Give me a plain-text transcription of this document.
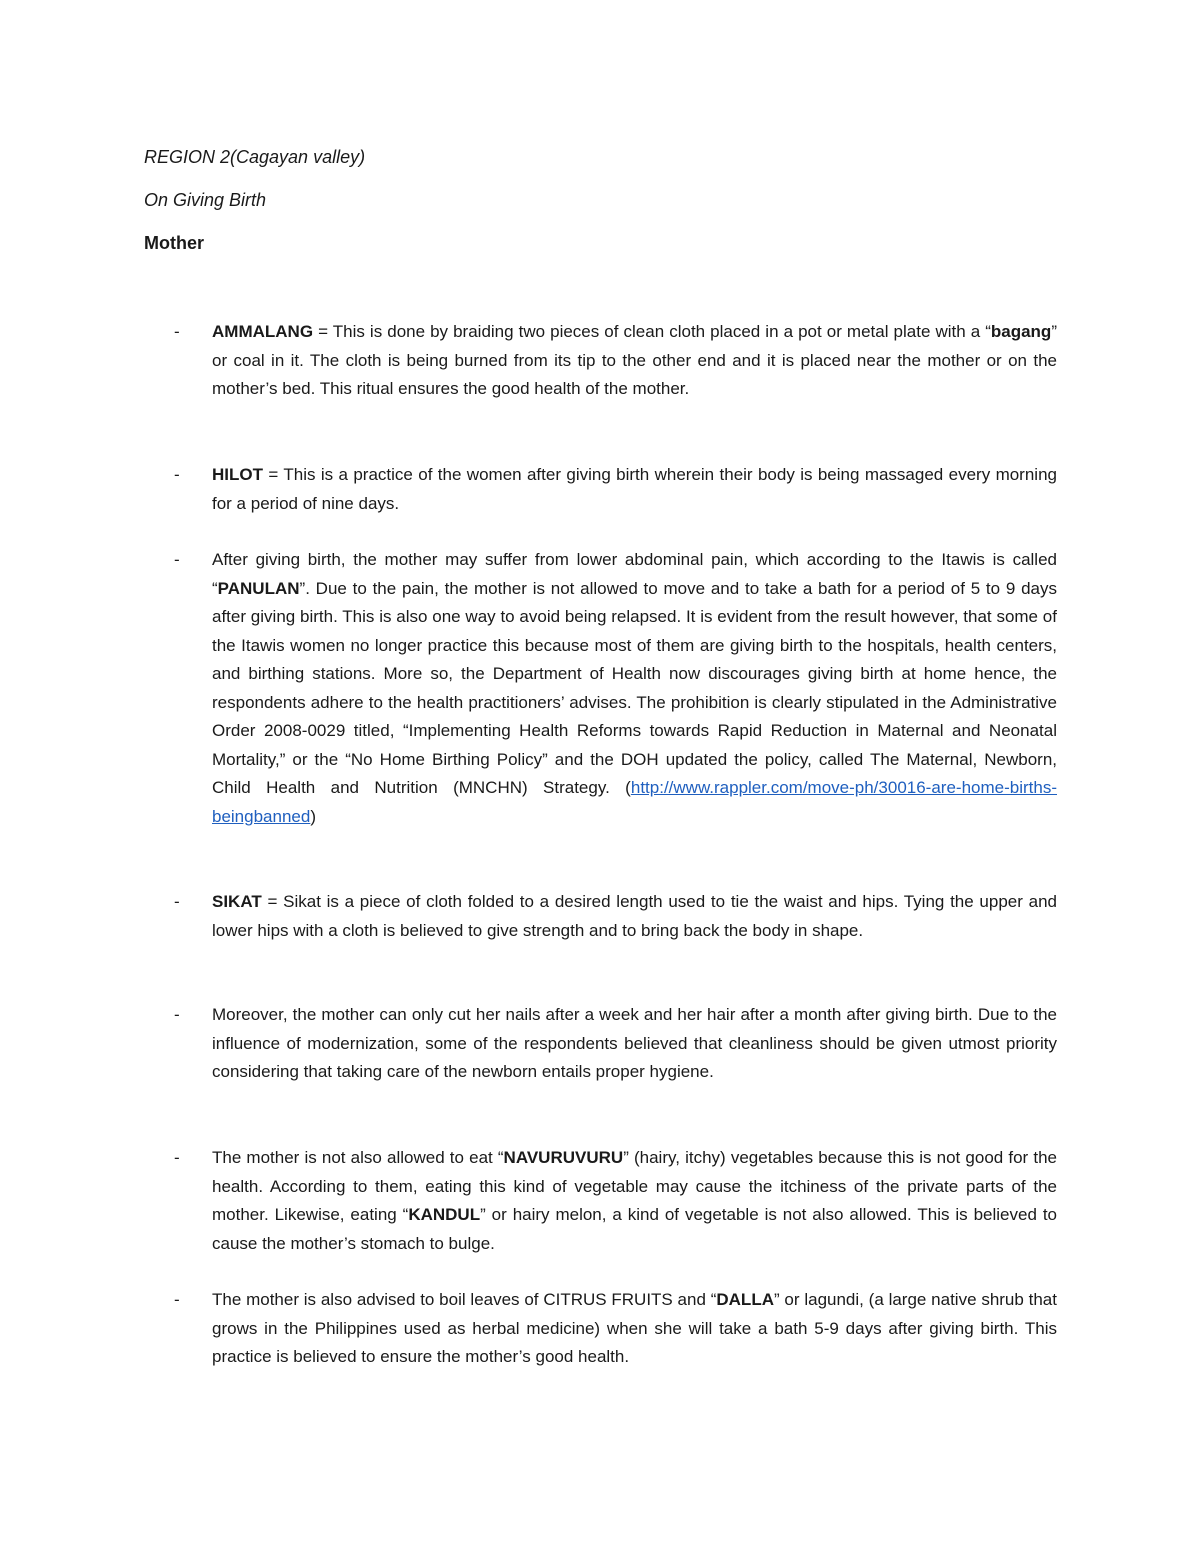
REGION 2(Cagayan valley)
On Giving Birth
Mother
- AMMALANG = This is done by braiding two pieces of clean cloth placed in a pot or metal plate with a “bagang” or coal in it. The cloth is being burned from its tip to the other end and it is placed near the mother or on the mother’s bed. This ritual ensures the good health of the mother.
- HILOT = This is a practice of the women after giving birth wherein their body is being massaged every morning for a period of nine days.
- After giving birth, the mother may suffer from lower abdominal pain, which according to the Itawis is called “PANULAN”. Due to the pain, the mother is not allowed to move and to take a bath for a period of 5 to 9 days after giving birth. This is also one way to avoid being relapsed. It is evident from the result however, that some of the Itawis women no longer practice this because most of them are giving birth to the hospitals, health centers, and birthing stations. More so, the Department of Health now discourages giving birth at home hence, the respondents adhere to the health practitioners’ advises. The prohibition is clearly stipulated in the Administrative Order 2008-0029 titled, “Implementing Health Reforms towards Rapid Reduction in Maternal and Neonatal Mortality,” or the “No Home Birthing Policy” and the DOH updated the policy, called The Maternal, Newborn, Child Health and Nutrition (MNCHN) Strategy. (http://www.rappler.com/move-ph/30016-are-home-births-beingbanned)
- SIKAT = Sikat is a piece of cloth folded to a desired length used to tie the waist and hips. Tying the upper and lower hips with a cloth is believed to give strength and to bring back the body in shape.
- Moreover, the mother can only cut her nails after a week and her hair after a month after giving birth. Due to the influence of modernization, some of the respondents believed that cleanliness should be given utmost priority considering that taking care of the newborn entails proper hygiene.
- The mother is not also allowed to eat “NAVURUVURU” (hairy, itchy) vegetables because this is not good for the health. According to them, eating this kind of vegetable may cause the itchiness of the private parts of the mother. Likewise, eating “KANDUL” or hairy melon, a kind of vegetable is not also allowed. This is believed to cause the mother’s stomach to bulge.
- The mother is also advised to boil leaves of CITRUS FRUITS and “DALLA” or lagundi, (a large native shrub that grows in the Philippines used as herbal medicine) when she will take a bath 5-9 days after giving birth. This practice is believed to ensure the mother’s good health.
